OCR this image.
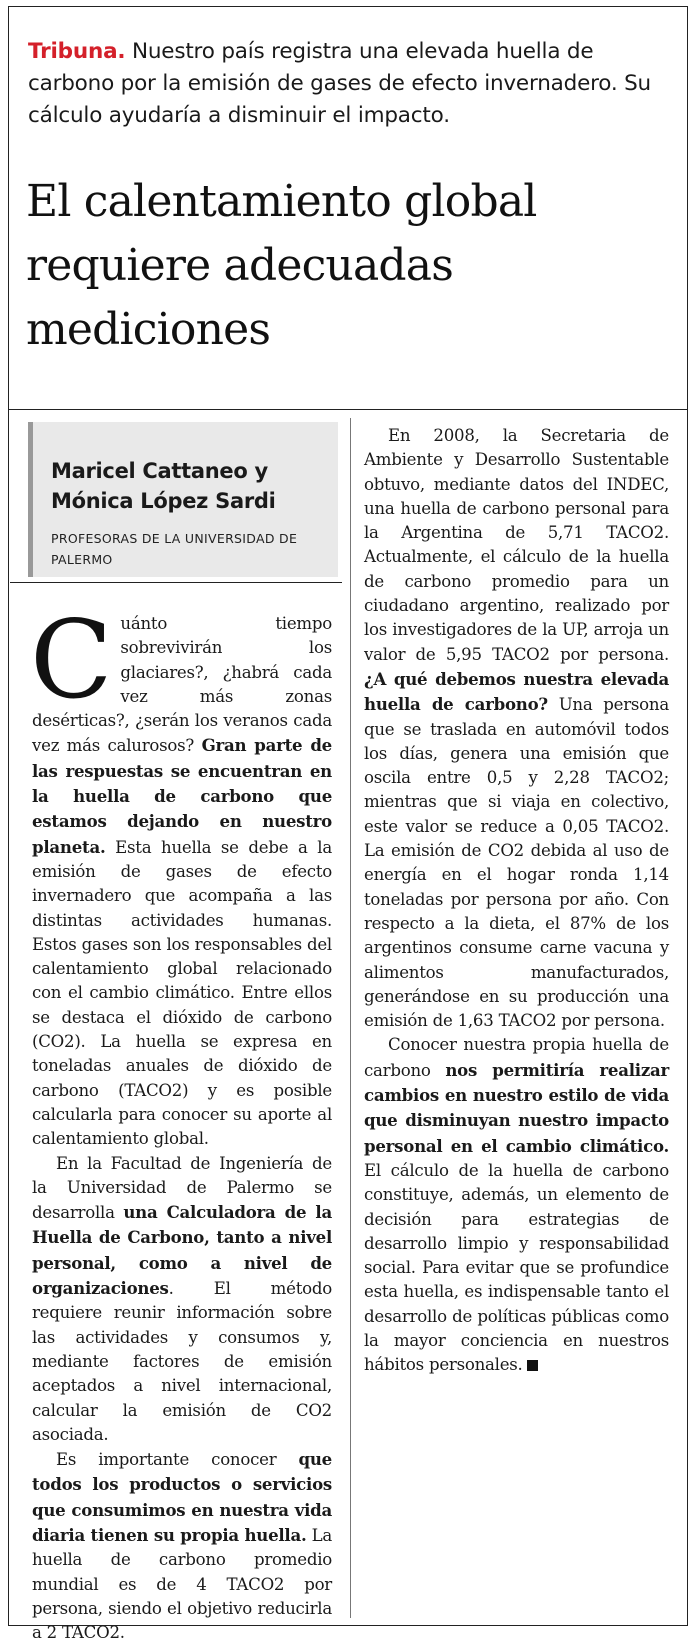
Tribuna. Nuestro país registra una elevada huella de carbono por la emisión de gases de efecto invernadero. Su cálculo ayudaría a disminuir el impacto.
El calentamiento global requiere adecuadas mediciones
Maricel Cattaneo y Mónica López Sardi
PROFESORAS DE LA UNIVERSIDAD DE PALERMO

Cuánto tiempo sobrevivirán los glaciares?, ¿habrá cada vez más zonas desérticas?, ¿serán los veranos cada vez más calurosos? Gran parte de las respuestas se encuentran en la huella de carbono que estamos dejando en nuestro planeta. Esta huella se debe a la emisión de gases de efecto invernadero que acompaña a las distintas actividades humanas. Estos gases son los responsables del calentamiento global relacionado con el cambio climático. Entre ellos se destaca el dióxido de carbono (CO2). La huella se expresa en toneladas anuales de dióxido de carbono (TACO2) y es posible calcularla para conocer su aporte al calentamiento global.

En la Facultad de Ingeniería de la Universidad de Palermo se desarrolla una Calculadora de la Huella de Carbono, tanto a nivel personal, como a nivel de organizaciones. El método requiere reunir información sobre las actividades y consumos y, mediante factores de emisión aceptados a nivel internacional, calcular la emisión de CO2 asociada.

Es importante conocer que todos los productos o servicios que consumimos en nuestra vida diaria tienen su propia huella. La huella de carbono promedio mundial es de 4 TACO2 por persona, siendo el objetivo reducirla a 2 TACO2.

En 2008, la Secretaria de Ambiente y Desarrollo Sustentable obtuvo, mediante datos del INDEC, una huella de carbono personal para la Argentina de 5,71 TACO2. Actualmente, el cálculo de la huella de carbono promedio para un ciudadano argentino, realizado por los investigadores de la UP, arroja un valor de 5,95 TACO2 por persona. ¿A qué debemos nuestra elevada huella de carbono? Una persona que se traslada en automóvil todos los días, genera una emisión que oscila entre 0,5 y 2,28 TACO2; mientras que si viaja en colectivo, este valor se reduce a 0,05 TACO2. La emisión de CO2 debida al uso de energía en el hogar ronda 1,14 toneladas por persona por año. Con respecto a la dieta, el 87% de los argentinos consume carne vacuna y alimentos manufacturados, generándose en su producción una emisión de 1,63 TACO2 por persona.

Conocer nuestra propia huella de carbono nos permitiría realizar cambios en nuestro estilo de vida que disminuyan nuestro impacto personal en el cambio climático. El cálculo de la huella de carbono constituye, además, un elemento de decisión para estrategias de desarrollo limpio y responsabilidad social. Para evitar que se profundice esta huella, es indispensable tanto el desarrollo de políticas públicas como la mayor conciencia en nuestros hábitos personales.
